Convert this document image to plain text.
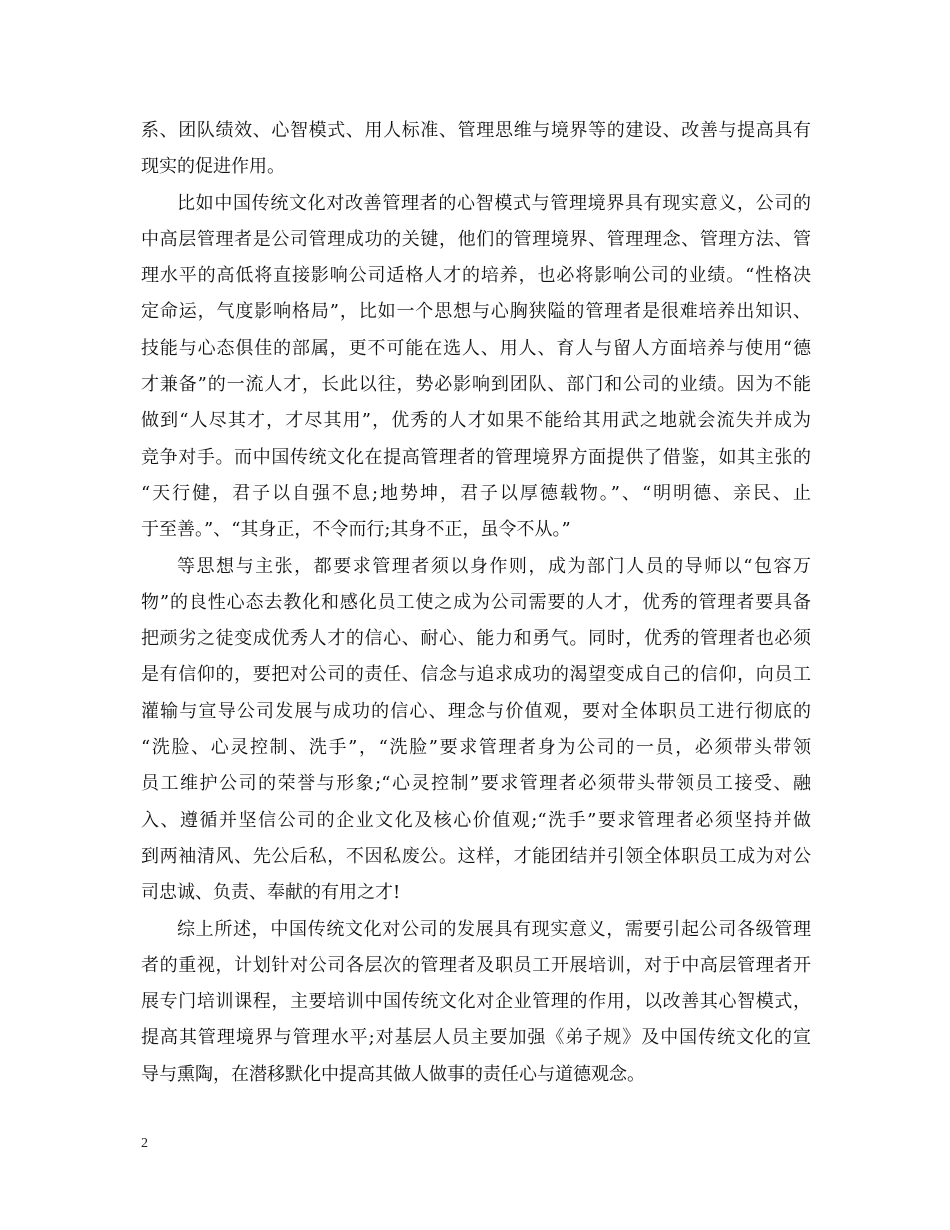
系、团队绩效、心智模式、用人标准、管理思维与境界等的建设、改善与提高具有
现实的促进作用。
比如中国传统文化对改善管理者的心智模式与管理境界具有现实意义，公司的
中高层管理者是公司管理成功的关键，他们的管理境界、管理理念、管理方法、管
理水平的高低将直接影响公司适格人才的培养，也必将影响公司的业绩。“性格决
定命运，气度影响格局”，比如一个思想与心胸狭隘的管理者是很难培养出知识、
技能与心态俱佳的部属，更不可能在选人、用人、育人与留人方面培养与使用“德
才兼备”的一流人才，长此以往，势必影响到团队、部门和公司的业绩。因为不能
做到“人尽其才，才尽其用”，优秀的人才如果不能给其用武之地就会流失并成为
竞争对手。而中国传统文化在提高管理者的管理境界方面提供了借鉴，如其主张的
“天行健，君子以自强不息;地势坤，君子以厚德载物。”、“明明德、亲民、止
于至善。”、“其身正，不令而行;其身不正，虽令不从。”
等思想与主张，都要求管理者须以身作则，成为部门人员的导师以“包容万
物”的良性心态去教化和感化员工使之成为公司需要的人才，优秀的管理者要具备
把顽劣之徒变成优秀人才的信心、耐心、能力和勇气。同时，优秀的管理者也必须
是有信仰的，要把对公司的责任、信念与追求成功的渴望变成自己的信仰，向员工
灌输与宣导公司发展与成功的信心、理念与价值观，要对全体职员工进行彻底的
“洗脸、心灵控制、洗手”，“洗脸”要求管理者身为公司的一员，必须带头带领
员工维护公司的荣誉与形象;“心灵控制”要求管理者必须带头带领员工接受、融
入、遵循并坚信公司的企业文化及核心价值观;“洗手”要求管理者必须坚持并做
到两袖清风、先公后私，不因私废公。这样，才能团结并引领全体职员工成为对公
司忠诚、负责、奉献的有用之才!
综上所述，中国传统文化对公司的发展具有现实意义，需要引起公司各级管理
者的重视，计划针对公司各层次的管理者及职员工开展培训，对于中高层管理者开
展专门培训课程，主要培训中国传统文化对企业管理的作用，以改善其心智模式，
提高其管理境界与管理水平;对基层人员主要加强《弟子规》及中国传统文化的宣
导与熏陶，在潜移默化中提高其做人做事的责任心与道德观念。
2
